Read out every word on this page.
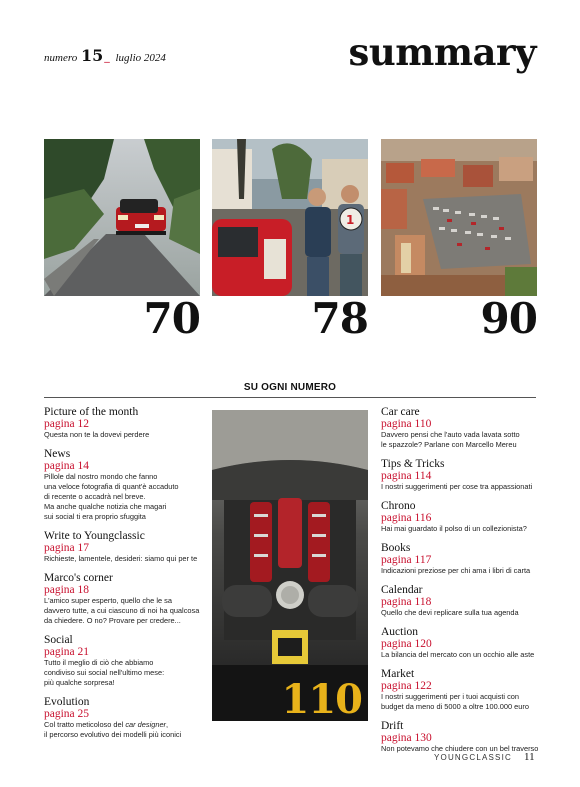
numero 15_ luglio 2024	summary
1
70	78	90
SU OGNI NUMERO
Picture of the month
pagina 12
Questa non te la dovevi perdere
News
pagina 14
Pillole dal nostro mondo che fanno
una veloce fotografia di quant'è accaduto
di recente o accadrà nel breve.
Ma anche qualche notizia che magari
sui social ti era proprio sfuggita
Write to Youngclassic
pagina 17
Richieste, lamentele, desideri: siamo qui per te
Marco's corner
pagina 18
L'amico super esperto, quello che le sa
davvero tutte, a cui ciascuno di noi ha qualcosa
da chiedere. O no? Provare per credere...
Social
pagina 21
Tutto il meglio di ciò che abbiamo
condiviso sui social nell'ultimo mese:
più qualche sorpresa!
Evolution
pagina 25
Col tratto meticoloso del car designer,
il percorso evolutivo dei modelli più iconici
110
Car care
pagina 110
Davvero pensi che l'auto vada lavata sotto
le spazzole? Parlane con Marcello Mereu
Tips & Tricks
pagina 114
I nostri suggerimenti per cose tra appassionati
Chrono
pagina 116
Hai mai guardato il polso di un collezionista?
Books
pagina 117
Indicazioni preziose per chi ama i libri di carta
Calendar
pagina 118
Quello che devi replicare sulla tua agenda
Auction
pagina 120
La bilancia del mercato con un occhio alle aste
Market
pagina 122
I nostri suggerimenti per i tuoi acquisti con
budget da meno di 5000 a oltre 100.000 euro
Drift
pagina 130
Non potevamo che chiudere con un bel traverso
YOUNGCLASSIC 11
